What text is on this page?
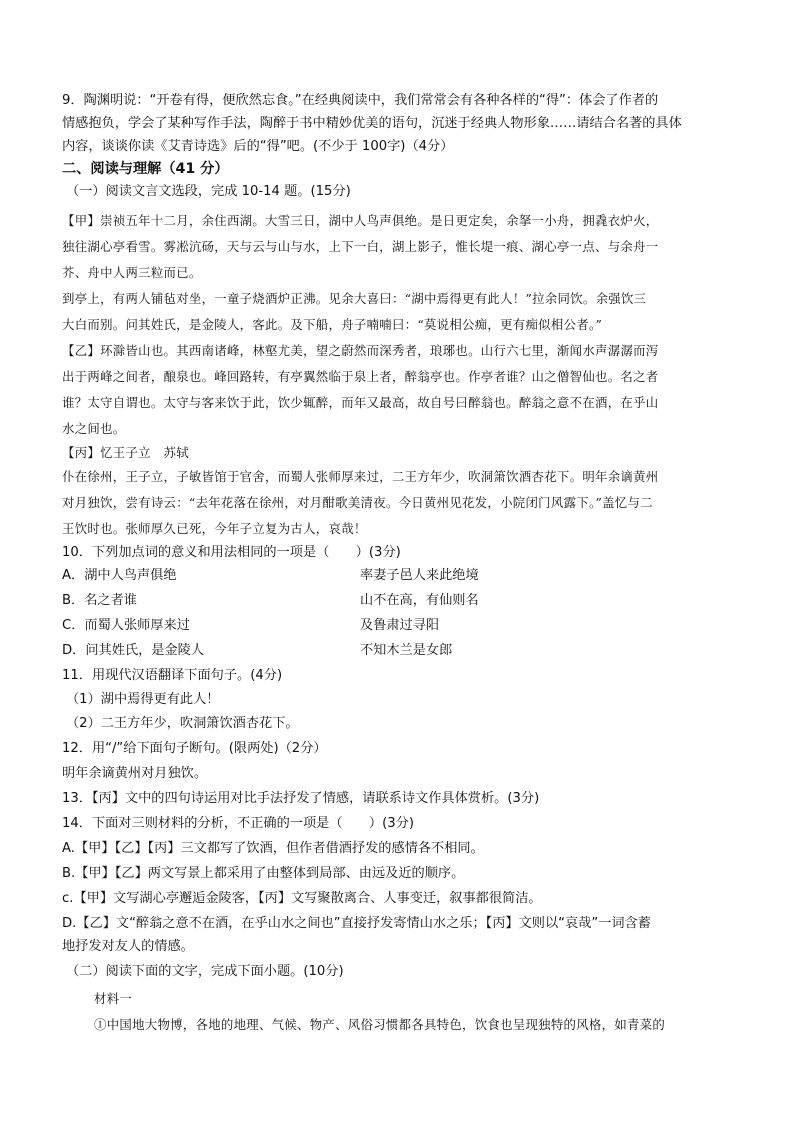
9．陶渊明说：“开卷有得，便欣然忘食。”在经典阅读中，我们常常会有各种各样的“得”：体会了作者的
情感抱负，学会了某种写作手法，陶醉于书中精妙优美的语句，沉迷于经典人物形象……请结合名著的具体
内容，谈谈你读《艾青诗选》后的“得”吧。(不少于 100字)（4分）
二、阅读与理解（41 分）
（一）阅读文言文选段，完成 10-14 题。(15分)
【甲】崇祯五年十二月，余住西湖。大雪三日，湖中人鸟声俱绝。是日更定矣，余拏一小舟，拥毳衣炉火，
独往湖心亭看雪。雾凇沆砀，天与云与山与水，上下一白，湖上影子，惟长堤一痕、湖心亭一点、与余舟一
芥、舟中人两三粒而已。
到亭上，有两人铺毡对坐，一童子烧酒炉正沸。见余大喜曰：“湖中焉得更有此人！”拉余同饮。余强饮三
大白而别。问其姓氏，是金陵人，客此。及下船，舟子喃喃曰：“莫说相公痴，更有痴似相公者。”
【乙】环滁皆山也。其西南诸峰，林壑尤美，望之蔚然而深秀者，琅琊也。山行六七里，渐闻水声潺潺而泻
出于两峰之间者，酿泉也。峰回路转，有亭翼然临于泉上者，醉翁亭也。作亭者谁？山之僧智仙也。名之者
谁？太守自谓也。太守与客来饮于此，饮少辄醉，而年又最高，故自号曰醉翁也。醉翁之意不在酒，在乎山
水之间也。
【丙】忆王子立　苏轼
仆在徐州，王子立，子敏皆馆于官舍，而蜀人张师厚来过，二王方年少，吹洞箫饮酒杏花下。明年余谪黄州
对月独饮，尝有诗云：“去年花落在徐州，对月酣歌美清夜。今日黄州见花发，小院闭门风露下。”盖忆与二
王饮时也。张师厚久已死，今年子立复为古人，哀哉！
10．下列加点词的意义和用法相同的一项是（　　）(3分)
A．湖中人鸟声俱绝	率妻子邑人来此绝境
B．名之者谁	山不在高，有仙则名
C．而蜀人张师厚来过	及鲁肃过寻阳
D．问其姓氏，是金陵人	不知木兰是女郎
11．用现代汉语翻译下面句子。(4分)
（1）湖中焉得更有此人！
（2）二王方年少，吹洞箫饮酒杏花下。
12．用“/”给下面句子断句。(限两处)（2分）
明年余谪黄州对月独饮。
13．【丙】文中的四句诗运用对比手法抒发了情感，请联系诗文作具体赏析。(3分)
14．下面对三则材料的分析，不正确的一项是（　　）(3分)
A.【甲】【乙】【丙】三文都写了饮酒，但作者借酒抒发的感情各不相同。
B.【甲】【乙】两文写景上都采用了由整体到局部、由远及近的顺序。
c.【甲】文写湖心亭邂逅金陵客，【丙】文写聚散离合、人事变迁，叙事都很简洁。
D.【乙】文“醉翁之意不在酒，在乎山水之间也”直接抒发寄情山水之乐；【丙】文则以“哀哉”一词含蓄
地抒发对友人的情感。
（二）阅读下面的文字，完成下面小题。(10分)
材料一
①中国地大物博，各地的地理、气候、物产、风俗习惯都各具特色，饮食也呈现独特的风格，如青菜的
